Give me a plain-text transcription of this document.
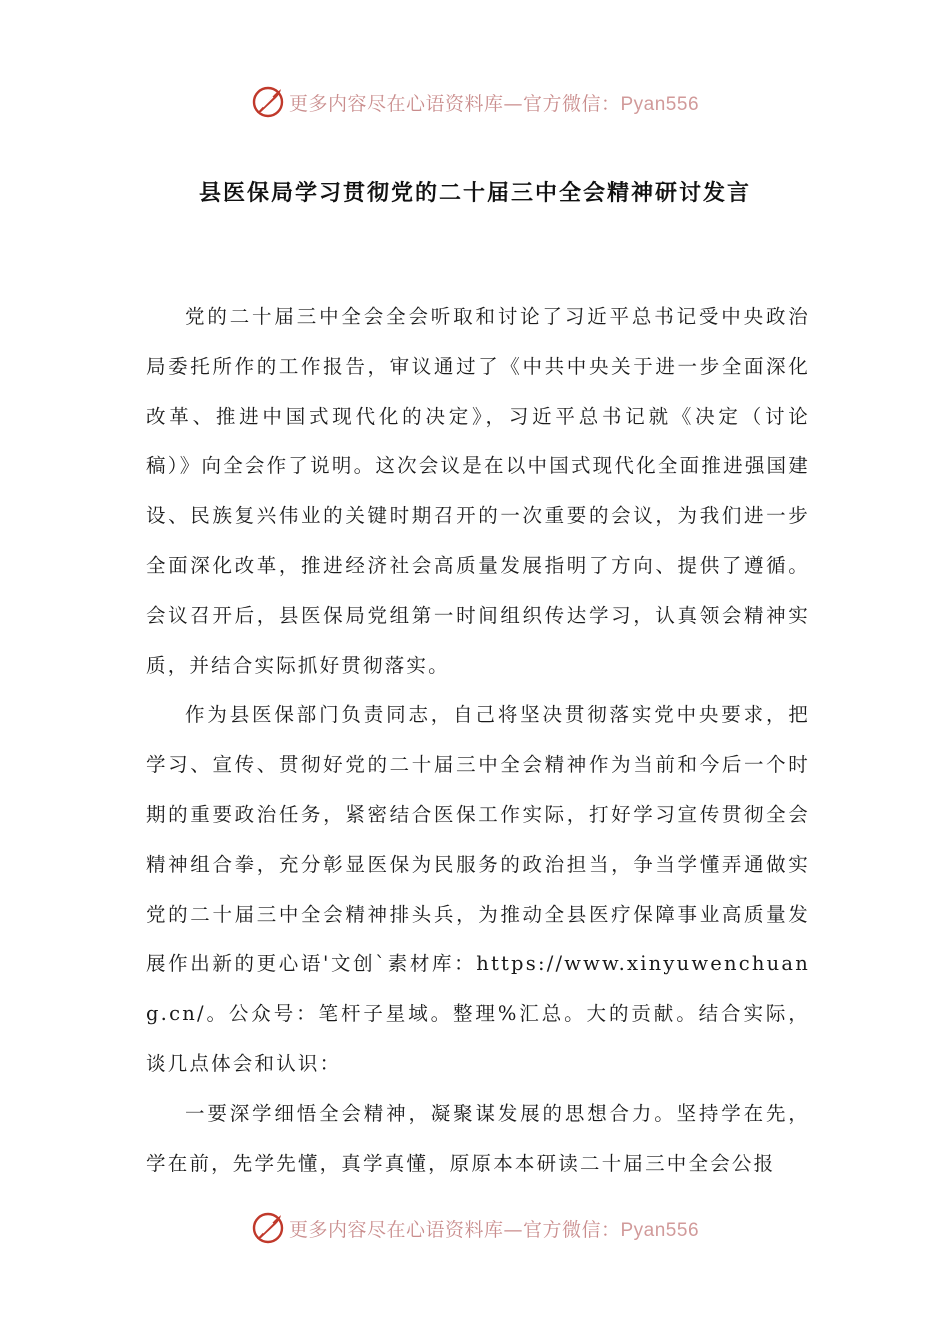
更多内容尽在心语资料库—官方微信：Pyan556
县医保局学习贯彻党的二十届三中全会精神研讨发言

党的二十届三中全会全会听取和讨论了习近平总书记受中央政治局委托所作的工作报告，审议通过了《中共中央关于进一步全面深化改革、推进中国式现代化的决定》，习近平总书记就《决定（讨论稿）》向全会作了说明。这次会议是在以中国式现代化全面推进强国建设、民族复兴伟业的关键时期召开的一次重要的会议，为我们进一步全面深化改革，推进经济社会高质量发展指明了方向、提供了遵循。会议召开后，县医保局党组第一时间组织传达学习，认真领会精神实质，并结合实际抓好贯彻落实。

作为县医保部门负责同志，自己将坚决贯彻落实党中央要求，把学习、宣传、贯彻好党的二十届三中全会精神作为当前和今后一个时期的重要政治任务，紧密结合医保工作实际，打好学习宣传贯彻全会精神组合拳，充分彰显医保为民服务的政治担当，争当学懂弄通做实党的二十届三中全会精神排头兵，为推动全县医疗保障事业高质量发展作出新的更心语'文创`素材库：https://www.xinyuwenchuang.cn/。公众号：笔杆子星域。整理%汇总。大的贡献。结合实际，谈几点体会和认识：

一要深学细悟全会精神，凝聚谋发展的思想合力。坚持学在先，学在前，先学先懂，真学真懂，原原本本研读二十届三中全会公报

更多内容尽在心语资料库—官方微信：Pyan556
